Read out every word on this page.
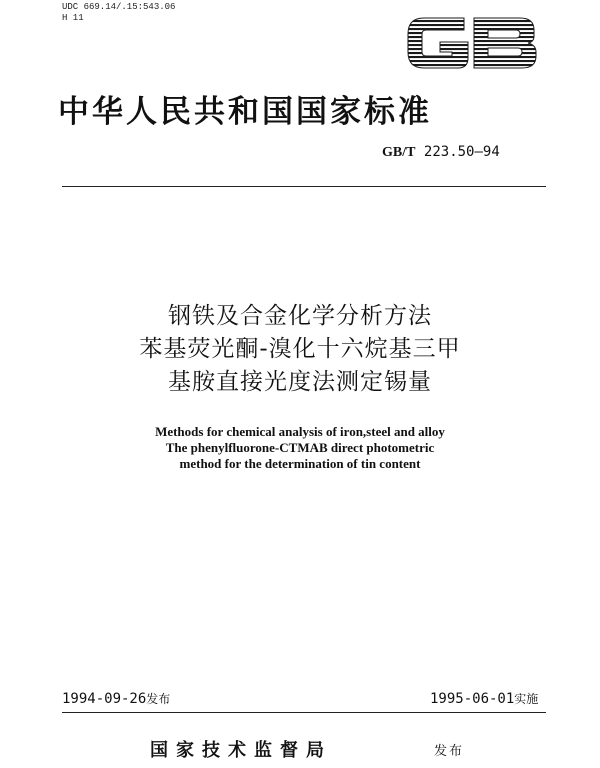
UDC 669.14/.15:543.06
H 11
中华人民共和国国家标准
GB/T 223.50—94
钢铁及合金化学分析方法
苯基荧光酮-溴化十六烷基三甲
基胺直接光度法测定锡量
Methods for chemical analysis of iron,steel and alloy
The phenylfluorone-CTMAB direct photometric
method for the determination of tin content
1994-09-26发布	1995-06-01实施
国家技术监督局	发布
